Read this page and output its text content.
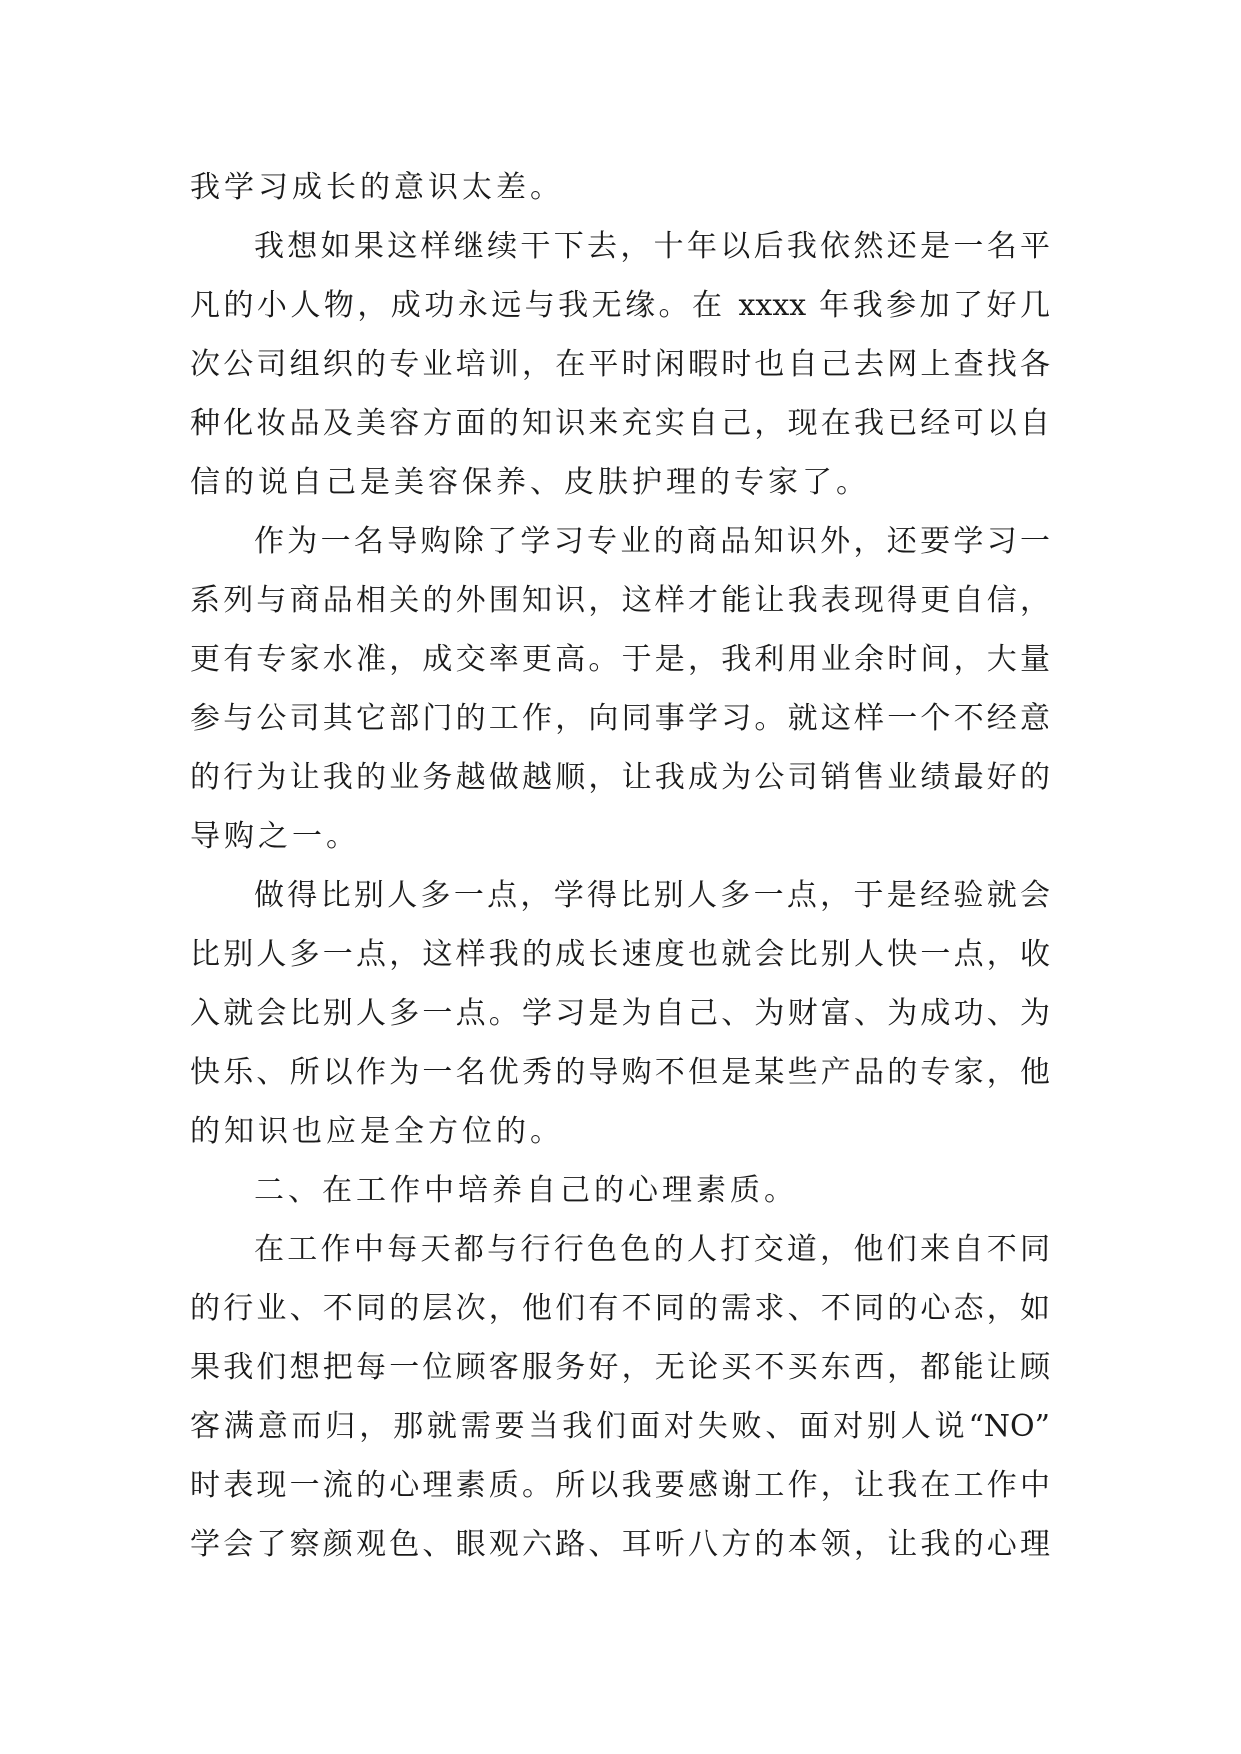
我学习成长的意识太差。
我想如果这样继续干下去，十年以后我依然还是一名平
凡的小人物，成功永远与我无缘。在 xxxx 年我参加了好几
次公司组织的专业培训，在平时闲暇时也自己去网上查找各
种化妆品及美容方面的知识来充实自己，现在我已经可以自
信的说自己是美容保养、皮肤护理的专家了。
作为一名导购除了学习专业的商品知识外，还要学习一
系列与商品相关的外围知识，这样才能让我表现得更自信，
更有专家水准，成交率更高。于是，我利用业余时间，大量
参与公司其它部门的工作，向同事学习。就这样一个不经意
的行为让我的业务越做越顺，让我成为公司销售业绩最好的
导购之一。
做得比别人多一点，学得比别人多一点，于是经验就会
比别人多一点，这样我的成长速度也就会比别人快一点，收
入就会比别人多一点。学习是为自己、为财富、为成功、为
快乐、所以作为一名优秀的导购不但是某些产品的专家，他
的知识也应是全方位的。
二、在工作中培养自己的心理素质。
在工作中每天都与行行色色的人打交道，他们来自不同
的行业、不同的层次，他们有不同的需求、不同的心态，如
果我们想把每一位顾客服务好，无论买不买东西，都能让顾
客满意而归，那就需要当我们面对失败、面对别人说“NO”
时表现一流的心理素质。所以我要感谢工作，让我在工作中
学会了察颜观色、眼观六路、耳听八方的本领，让我的心理
